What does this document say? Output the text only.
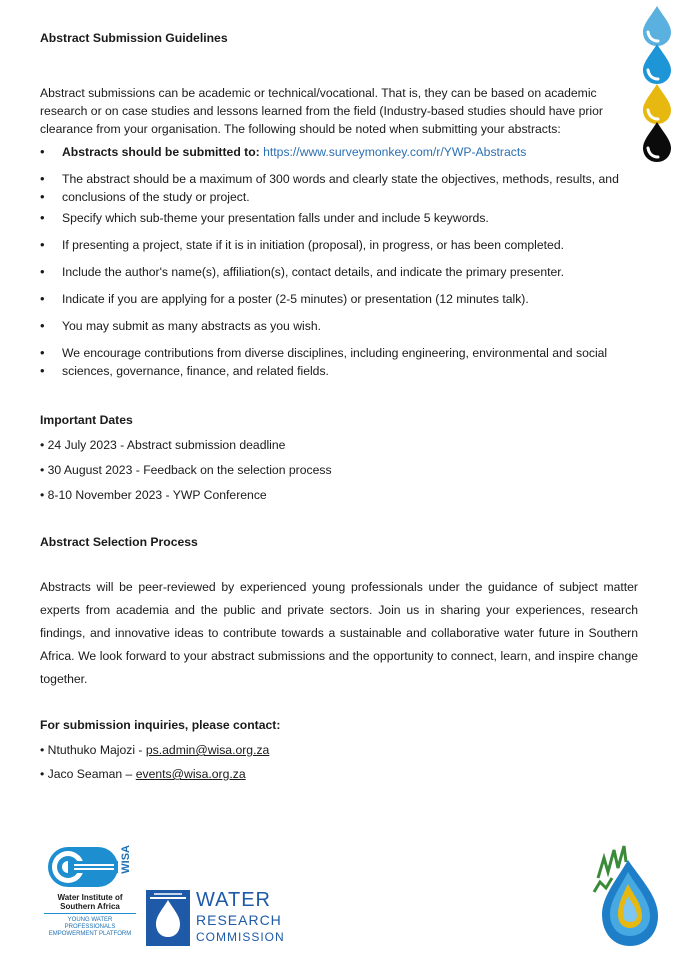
Abstract Submission Guidelines
Abstract submissions can be academic or technical/vocational. That is, they can be based on academic research or on case studies and lessons learned from the field (Industry-based studies should have prior clearance from your organisation. The following should be noted when submitting your abstracts:
• Abstracts should be submitted to: https://www.surveymonkey.com/r/YWP-Abstracts
•
•
The abstract should be a maximum of 300 words and clearly state the objectives, methods, results, and conclusions of the study or project.
• Specify which sub-theme your presentation falls under and include 5 keywords.
• If presenting a project, state if it is in initiation (proposal), in progress, or has been completed.
• Include the author's name(s), affiliation(s), contact details, and indicate the primary presenter.
• Indicate if you are applying for a poster (2-5 minutes) or presentation (12 minutes talk).
• You may submit as many abstracts as you wish.
•
•
We encourage contributions from diverse disciplines, including engineering, environmental and social sciences, governance, finance, and related fields.
Important Dates
• 24 July 2023 - Abstract submission deadline
• 30 August 2023 - Feedback on the selection process
• 8-10 November 2023 - YWP Conference
Abstract Selection Process
Abstracts will be peer-reviewed by experienced young professionals under the guidance of subject matter experts from academia and the public and private sectors. Join us in sharing your experiences, research findings, and innovative ideas to contribute towards a sustainable and collaborative water future in Southern Africa. We look forward to your abstract submissions and the opportunity to connect, learn, and inspire change together.
For submission inquiries, please contact:
• Ntuthuko Majozi - ps.admin@wisa.org.za
• Jaco Seaman – events@wisa.org.za
WISA
Water Institute of
Southern Africa
YOUNG WATER
PROFESSIONALS
EMPOWERMENT PLATFORM
WATER
RESEARCH
COMMISSION
